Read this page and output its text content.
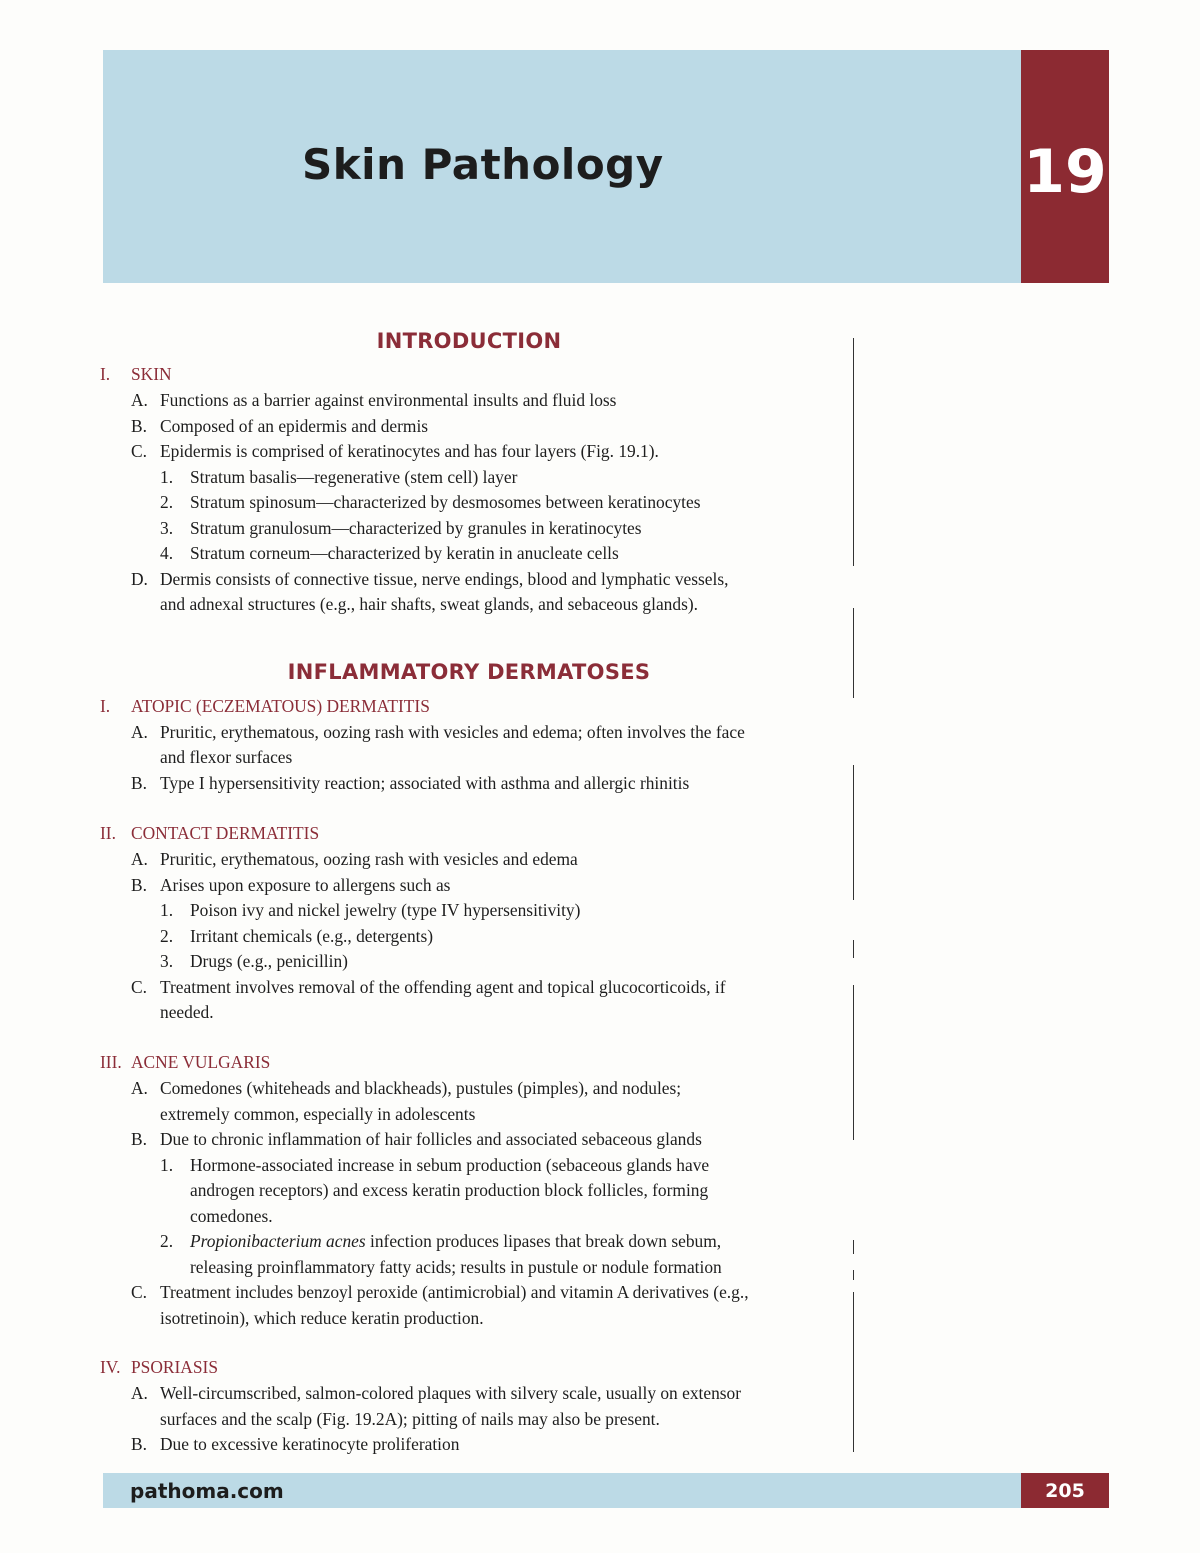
Skin Pathology	19
INTRODUCTION
INFLAMMATORY DERMATOSES
I. SKIN
A. Functions as a barrier against environmental insults and fluid loss
B. Composed of an epidermis and dermis
C. Epidermis is comprised of keratinocytes and has four layers (Fig. 19.1).
1. Stratum basalis—regenerative (stem cell) layer
2. Stratum spinosum—characterized by desmosomes between keratinocytes
3. Stratum granulosum—characterized by granules in keratinocytes
4. Stratum corneum—characterized by keratin in anucleate cells
D. Dermis consists of connective tissue, nerve endings, blood and lymphatic vessels,
and adnexal structures (e.g., hair shafts, sweat glands, and sebaceous glands).
I. ATOPIC (ECZEMATOUS) DERMATITIS
A. Pruritic, erythematous, oozing rash with vesicles and edema; often involves the face
and flexor surfaces
B. Type I hypersensitivity reaction; associated with asthma and allergic rhinitis
II. CONTACT DERMATITIS
A. Pruritic, erythematous, oozing rash with vesicles and edema
B. Arises upon exposure to allergens such as
1. Poison ivy and nickel jewelry (type IV hypersensitivity)
2. Irritant chemicals (e.g., detergents)
3. Drugs (e.g., penicillin)
C. Treatment involves removal of the offending agent and topical glucocorticoids, if
needed.
III. ACNE VULGARIS
A. Comedones (whiteheads and blackheads), pustules (pimples), and nodules;
extremely common, especially in adolescents
B. Due to chronic inflammation of hair follicles and associated sebaceous glands
1. Hormone-associated increase in sebum production (sebaceous glands have
androgen receptors) and excess keratin production block follicles, forming
comedones.
2. Propionibacterium acnes infection produces lipases that break down sebum,
releasing proinflammatory fatty acids; results in pustule or nodule formation
C. Treatment includes benzoyl peroxide (antimicrobial) and vitamin A derivatives (e.g.,
isotretinoin), which reduce keratin production.
IV. PSORIASIS
A. Well-circumscribed, salmon-colored plaques with silvery scale, usually on extensor
surfaces and the scalp (Fig. 19.2A); pitting of nails may also be present.
B. Due to excessive keratinocyte proliferation
pathoma.com	205
